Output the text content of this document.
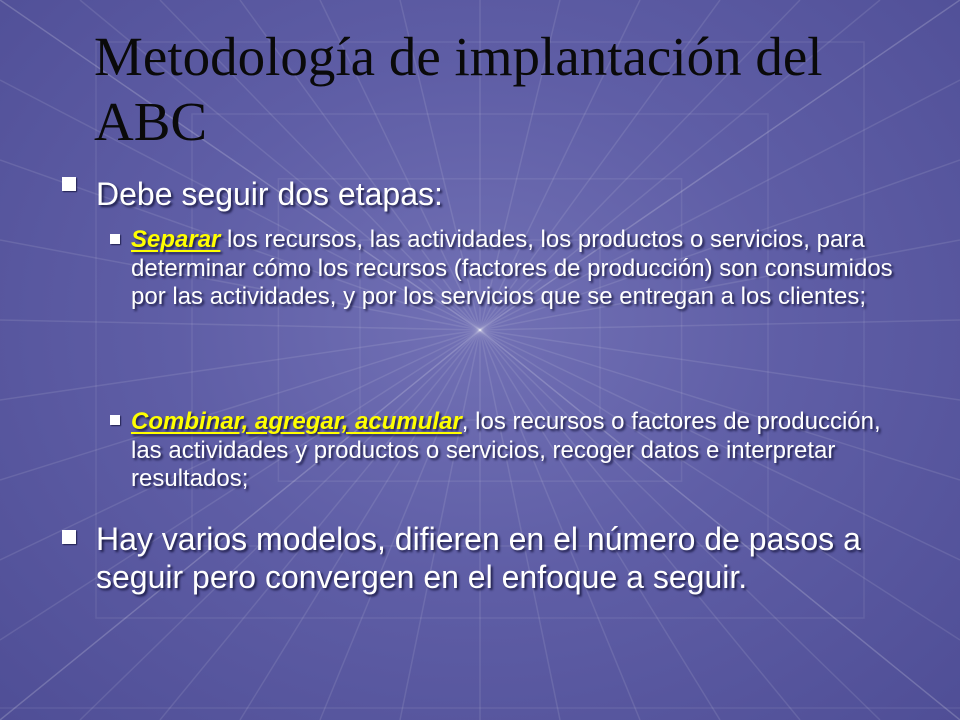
Metodología de implantación del ABC
Debe seguir dos etapas:
Separar los recursos, las actividades, los productos o servicios, para determinar cómo los recursos (factores de producción) son consumidos por las actividades, y por los servicios que se entregan a los clientes;
Combinar, agregar, acumular, los recursos o factores de producción, las actividades y productos o servicios, recoger datos e interpretar resultados;
Hay varios modelos, difieren en el número de pasos a seguir pero convergen en el enfoque a seguir.
